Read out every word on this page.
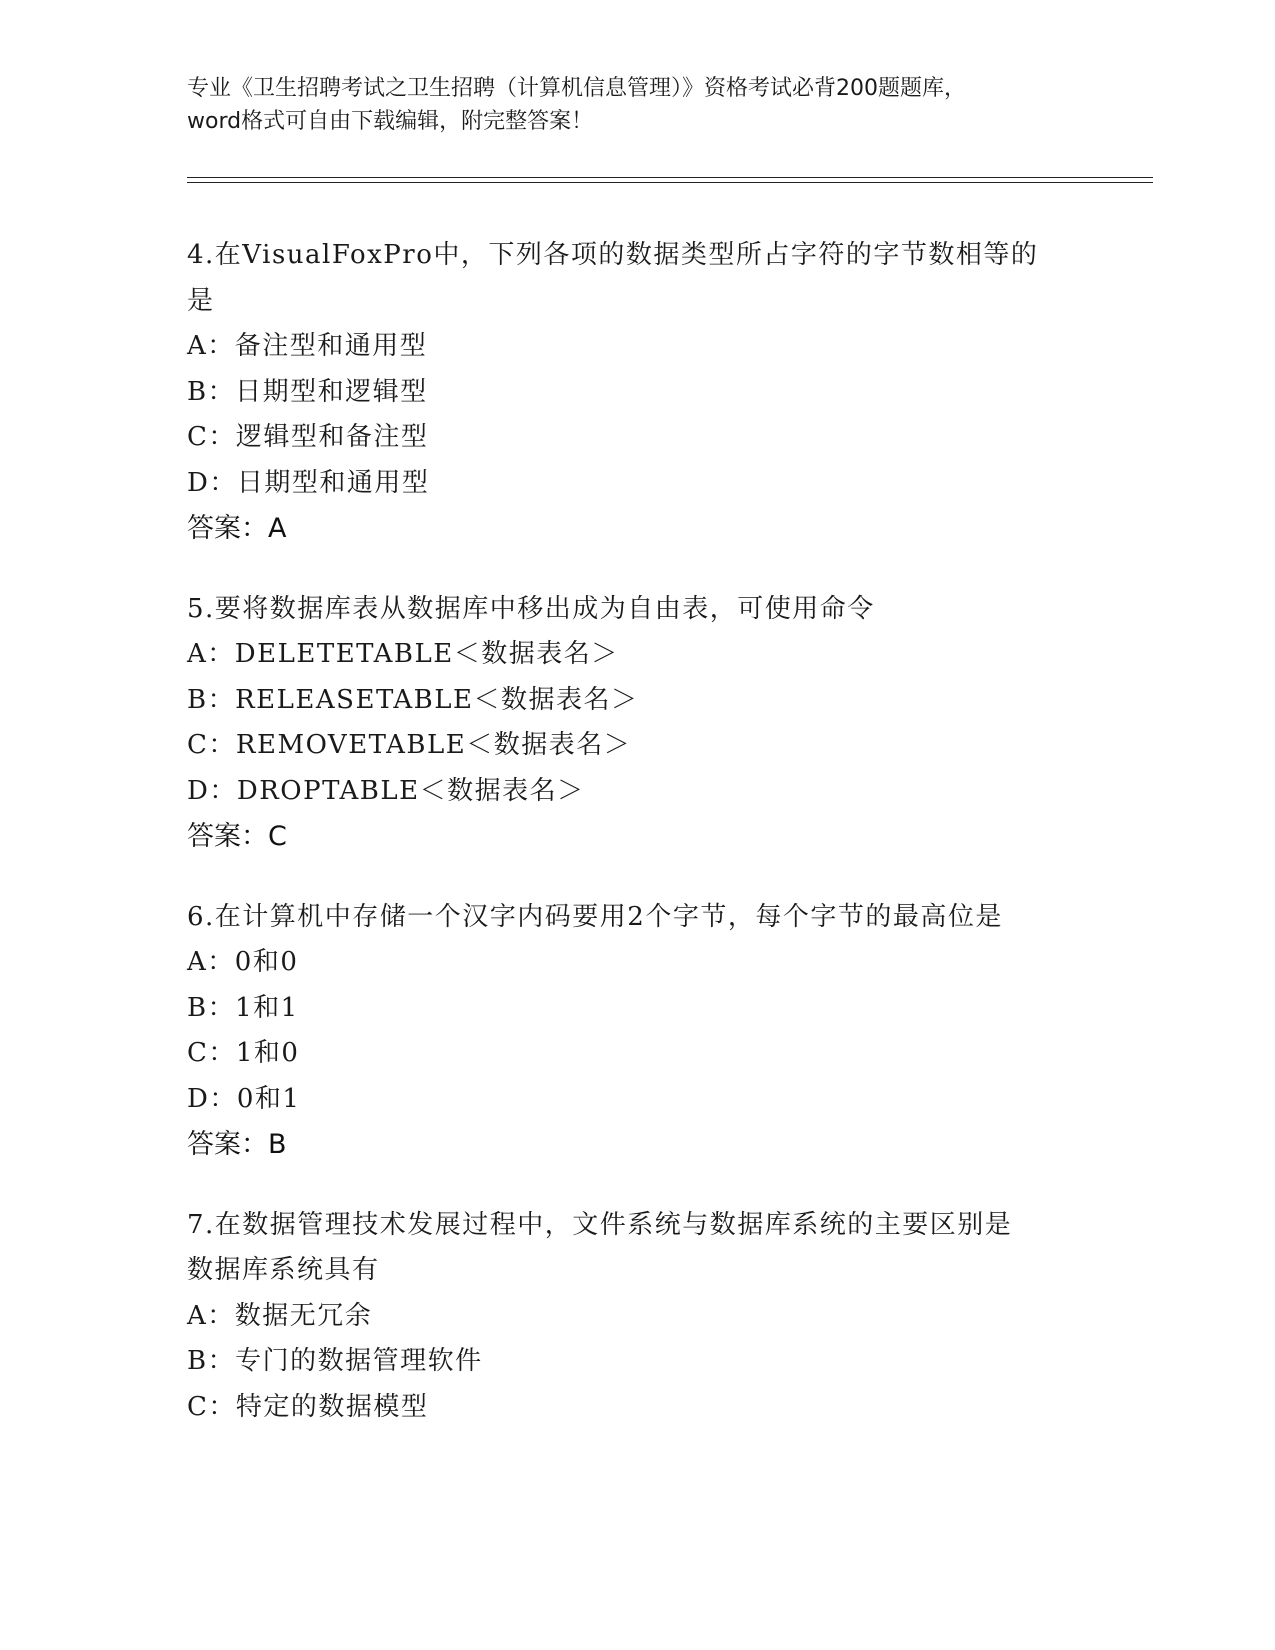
专业《卫生招聘考试之卫生招聘（计算机信息管理）》资格考试必背200题题库，
word格式可自由下载编辑，附完整答案！
4.在VisualFoxPro中，下列各项的数据类型所占字符的字节数相等的
是
A：备注型和通用型
B：日期型和逻辑型
C：逻辑型和备注型
D：日期型和通用型
答案：A
5.要将数据库表从数据库中移出成为自由表，可使用命令
A：DELETETABLE＜数据表名＞
B：RELEASETABLE＜数据表名＞
C：REMOVETABLE＜数据表名＞
D：DROPTABLE＜数据表名＞
答案：C
6.在计算机中存储一个汉字内码要用2个字节，每个字节的最高位是
A：0和0
B：1和1
C：1和0
D：0和1
答案：B
7.在数据管理技术发展过程中，文件系统与数据库系统的主要区别是
数据库系统具有
A：数据无冗余
B：专门的数据管理软件
C：特定的数据模型
